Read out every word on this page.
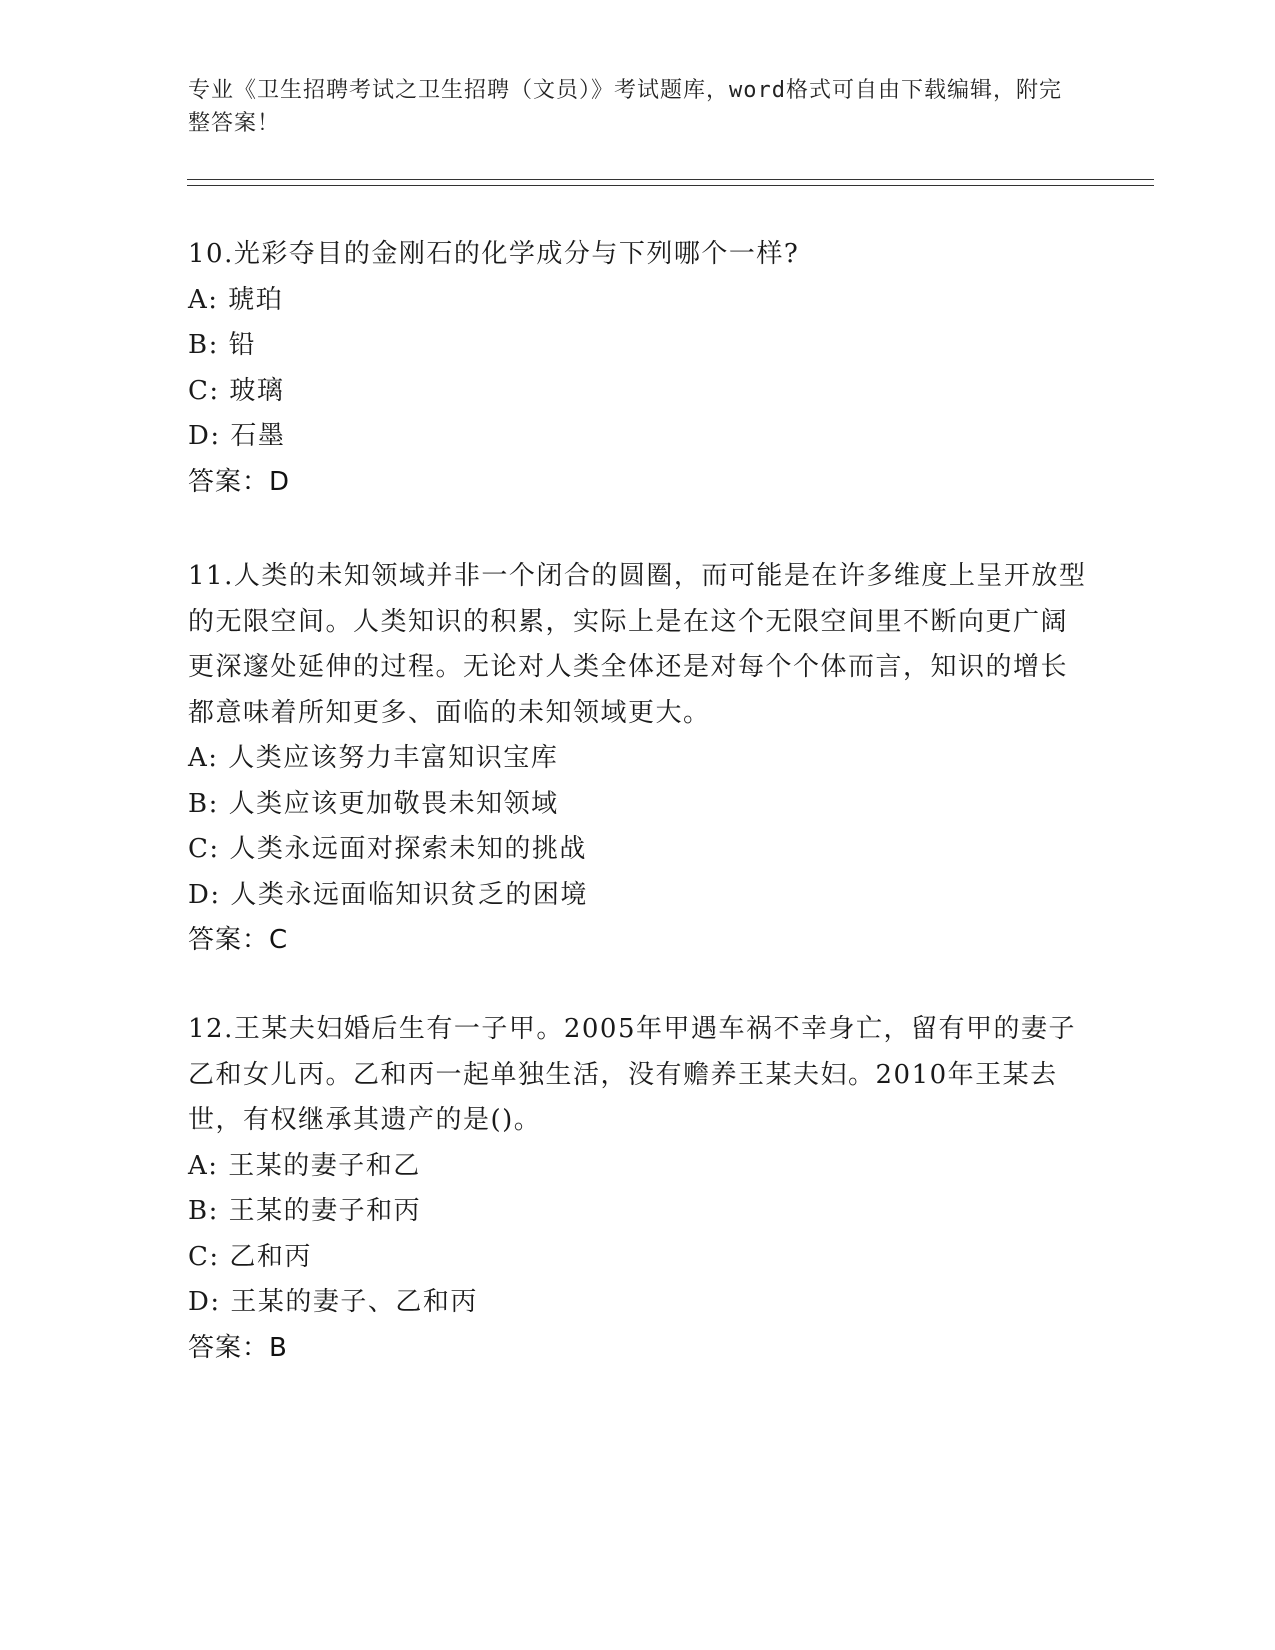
专业《卫生招聘考试之卫生招聘（文员）》考试题库，word格式可自由下载编辑，附完整答案！

10.光彩夺目的金刚石的化学成分与下列哪个一样?

A: 琥珀

B: 铅

C: 玻璃

D: 石墨

答案：D

11.人类的未知领域并非一个闭合的圆圈，而可能是在许多维度上呈开放型的无限空间。人类知识的积累，实际上是在这个无限空间里不断向更广阔更深邃处延伸的过程。无论对人类全体还是对每个个体而言，知识的增长都意味着所知更多、面临的未知领域更大。

A: 人类应该努力丰富知识宝库

B: 人类应该更加敬畏未知领域

C: 人类永远面对探索未知的挑战

D: 人类永远面临知识贫乏的困境

答案：C

12.王某夫妇婚后生有一子甲。2005年甲遇车祸不幸身亡，留有甲的妻子乙和女儿丙。乙和丙一起单独生活，没有赡养王某夫妇。2010年王某去世，有权继承其遗产的是()。

A: 王某的妻子和乙

B: 王某的妻子和丙

C: 乙和丙

D: 王某的妻子、乙和丙

答案：B
